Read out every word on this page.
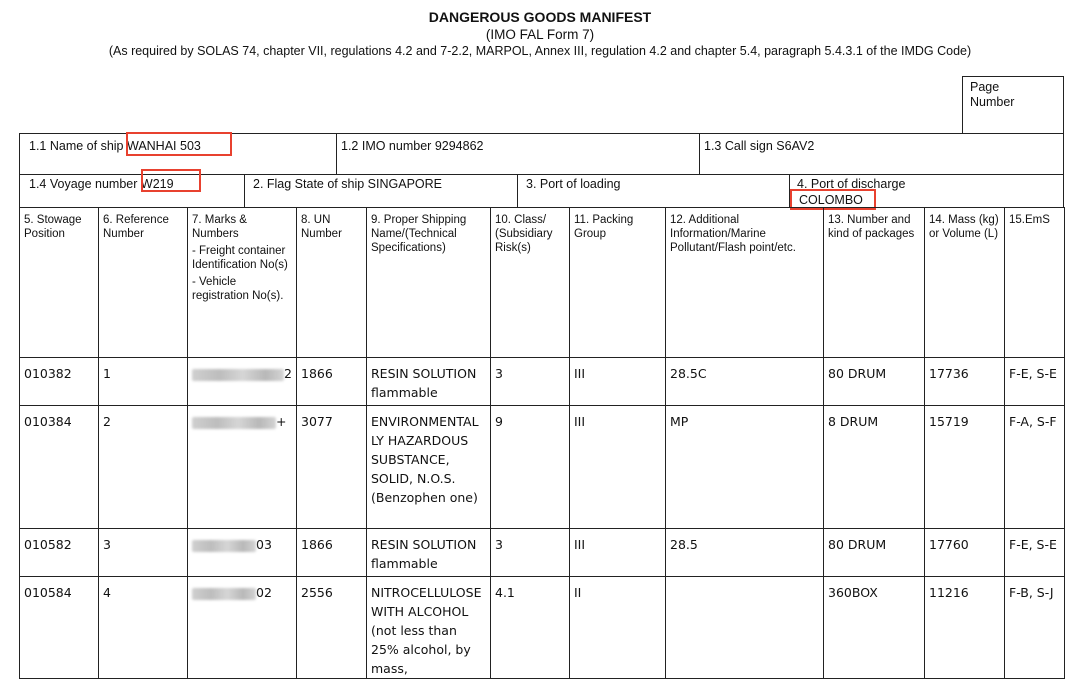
DANGEROUS GOODS MANIFEST
(IMO FAL Form 7)
(As required by SOLAS 74, chapter VII, regulations 4.2 and 7-2.2, MARPOL, Annex III, regulation 4.2 and chapter 5.4, paragraph 5.4.3.1 of the IMDG Code)
Page Number
1.1 Name of ship WANHAI 503	1.2 IMO number 9294862	1.3 Call sign S6AV2
1.4 Voyage number W219	2. Flag State of ship SINGAPORE	3. Port of loading	4. Port of discharge
COLOMBO
5. Stowage Position	6. Reference Number	7. Marks & Numbers
- Freight container Identification No(s)
- Vehicle registration No(s).	8. UN Number	9. Proper Shipping Name/(Technical Specifications)	10. Class/ (Subsidiary Risk(s)	11. Packing Group	12. Additional Information/Marine Pollutant/Flash point/etc.	13. Number and kind of packages	14. Mass (kg) or Volume (L)	15.EmS
010382	1	2	1866	RESIN SOLUTION flammable	3	III	28.5C	80 DRUM	17736	F-E, S-E
010384	2	+	3077	ENVIRONMENTAL LY HAZARDOUS SUBSTANCE, SOLID, N.O.S.(Benzophen one)	9	III	MP	8 DRUM	15719	F-A, S-F
010582	3	03	1866	RESIN SOLUTION flammable	3	III	28.5	80 DRUM	17760	F-E, S-E
010584	4	02	2556	NITROCELLULOSE WITH ALCOHOL (not less than 25% alcohol, by mass,	4.1	II		360BOX	11216	F-B, S-J
